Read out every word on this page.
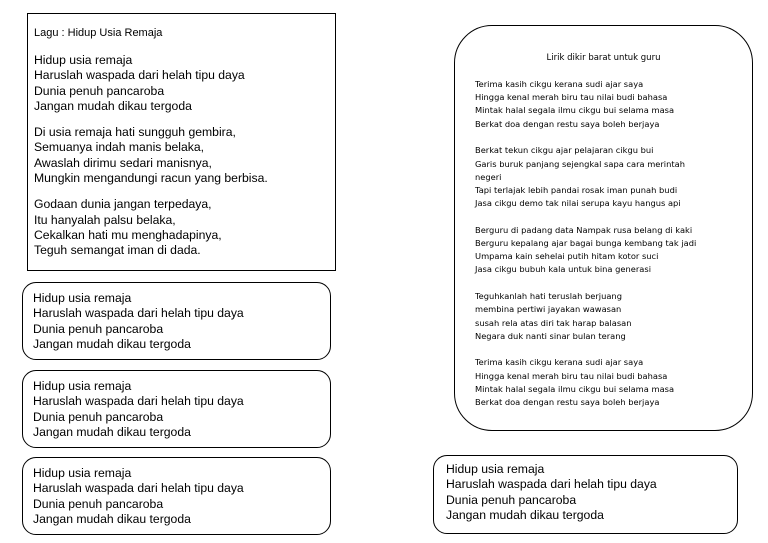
Lagu : Hidup Usia Remaja
Hidup usia remaja
Haruslah waspada dari helah tipu daya
Dunia penuh pancaroba
Jangan mudah dikau tergoda
Di usia remaja hati sungguh gembira,
Semuanya indah manis belaka,
Awaslah dirimu sedari manisnya,
Mungkin mengandungi racun yang berbisa.
Godaan dunia jangan terpedaya,
Itu hanyalah palsu belaka,
Cekalkan hati mu menghadapinya,
Teguh semangat iman di dada.
Hidup usia remaja
Haruslah waspada dari helah tipu daya
Dunia penuh pancaroba
Jangan mudah dikau tergoda
Hidup usia remaja
Haruslah waspada dari helah tipu daya
Dunia penuh pancaroba
Jangan mudah dikau tergoda
Hidup usia remaja
Haruslah waspada dari helah tipu daya
Dunia penuh pancaroba
Jangan mudah dikau tergoda
Lirik dikir barat untuk guru
Terima kasih cikgu kerana sudi ajar saya
Hingga kenal merah biru tau nilai budi bahasa
Mintak halal segala ilmu cikgu bui selama masa
Berkat doa dengan restu saya boleh berjaya
Berkat tekun cikgu ajar pelajaran cikgu bui
Garis buruk panjang sejengkal sapa cara merintah
negeri
Tapi terlajak lebih pandai rosak iman punah budi
Jasa cikgu demo tak nilai serupa kayu hangus api
Berguru di padang data Nampak rusa belang di kaki
Berguru kepalang ajar bagai bunga kembang tak jadi
Umpama kain sehelai putih hitam kotor suci
Jasa cikgu bubuh kala untuk bina generasi
Teguhkanlah hati teruslah berjuang
membina pertiwi jayakan wawasan
susah rela atas diri tak harap balasan
Negara duk nanti sinar bulan terang
Terima kasih cikgu kerana sudi ajar saya
Hingga kenal merah biru tau nilai budi bahasa
Mintak halal segala ilmu cikgu bui selama masa
Berkat doa dengan restu saya boleh berjaya
Hidup usia remaja
Haruslah waspada dari helah tipu daya
Dunia penuh pancaroba
Jangan mudah dikau tergoda
